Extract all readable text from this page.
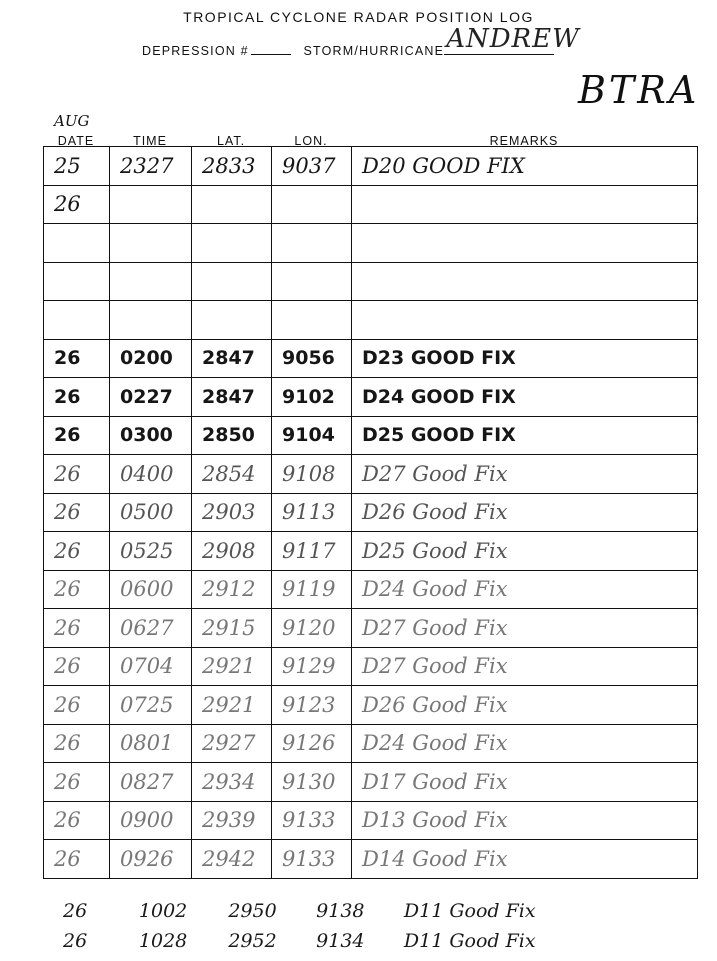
TROPICAL CYCLONE RADAR POSITION LOG
DEPRESSION #	STORM/HURRICANE ANDREW
BTRA
AUG
DATE	TIME	LAT.	LON.	REMARKS
25	2327	2833	9037	D20 GOOD FIX
26				

26	0200	2847	9056	D23 GOOD FIX
26	0227	2847	9102	D24 GOOD FIX
26	0300	2850	9104	D25 GOOD FIX
26	0400	2854	9108	D27 Good Fix
26	0500	2903	9113	D26 Good Fix
26	0525	2908	9117	D25 Good Fix
26	0600	2912	9119	D24 Good Fix
26	0627	2915	9120	D27 Good Fix
26	0704	2921	9129	D27 Good Fix
26	0725	2921	9123	D26 Good Fix
26	0801	2927	9126	D24 Good Fix
26	0827	2934	9130	D17 Good Fix
26	0900	2939	9133	D13 Good Fix
26	0926	2942	9133	D14 Good Fix
26	1002	2950	9138	D11 Good Fix
26	1028	2952	9134	D11 Good Fix
